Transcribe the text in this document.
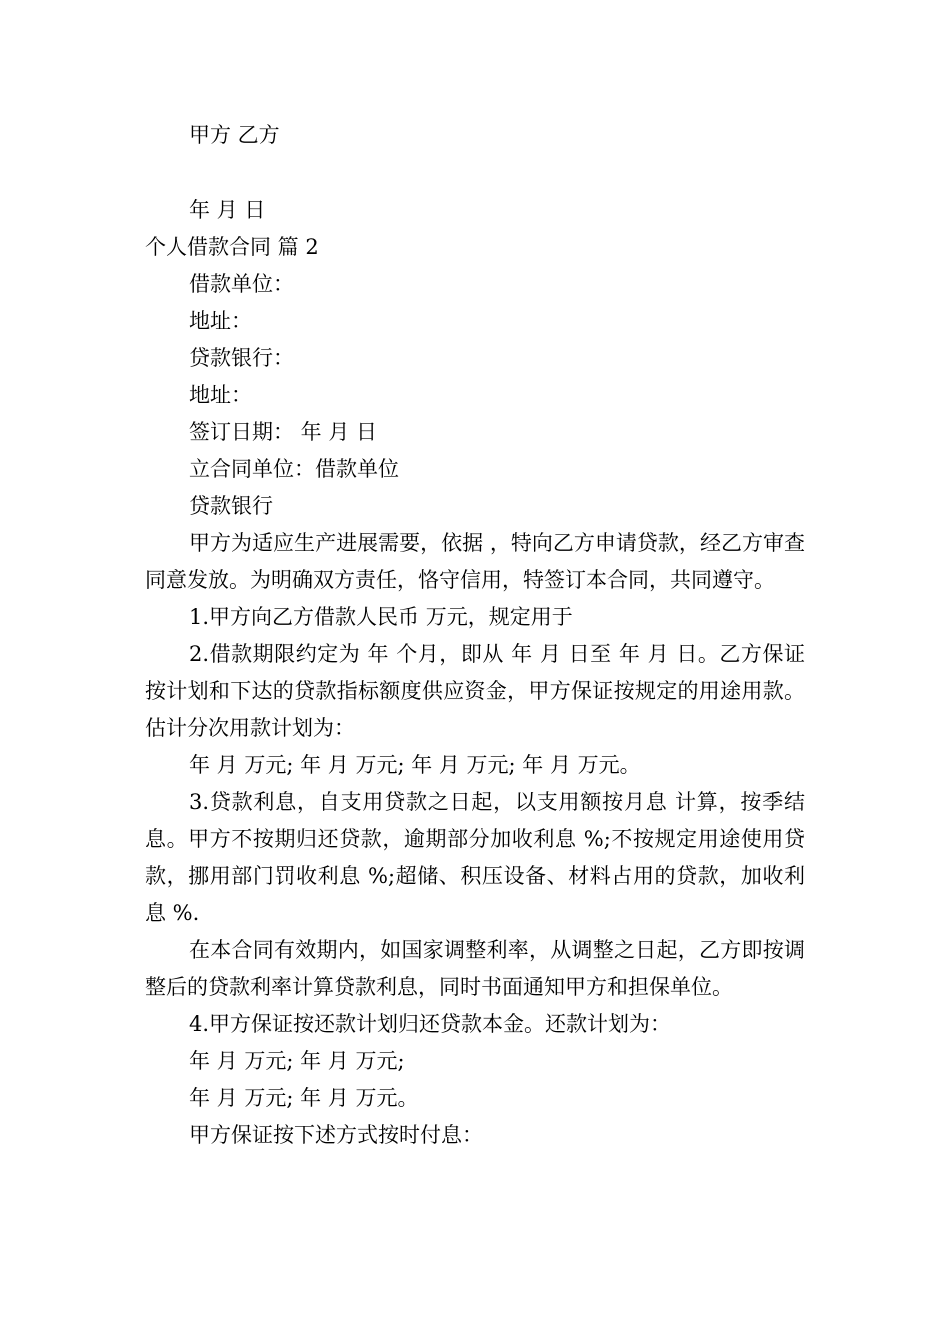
甲方 乙方
年 月 日
个人借款合同 篇 2
借款单位：
地址：
贷款银行：
地址：
签订日期： 年 月 日
立合同单位：借款单位
贷款银行
甲方为适应生产进展需要，依据 ，特向乙方申请贷款，经乙方审查同意发放。为明确双方责任，恪守信用，特签订本合同，共同遵守。
1.甲方向乙方借款人民币 万元，规定用于
2.借款期限约定为 年 个月，即从 年 月 日至 年 月 日。乙方保证按计划和下达的贷款指标额度供应资金，甲方保证按规定的用途用款。估计分次用款计划为：
年 月 万元; 年 月 万元; 年 月 万元; 年 月 万元。
3.贷款利息，自支用贷款之日起，以支用额按月息 计算，按季结息。甲方不按期归还贷款，逾期部分加收利息 %;不按规定用途使用贷款，挪用部门罚收利息 %;超储、积压设备、材料占用的贷款，加收利息 %.
在本合同有效期内，如国家调整利率，从调整之日起，乙方即按调整后的贷款利率计算贷款利息，同时书面通知甲方和担保单位。
4.甲方保证按还款计划归还贷款本金。还款计划为：
年 月 万元; 年 月 万元;
年 月 万元; 年 月 万元。
甲方保证按下述方式按时付息：
